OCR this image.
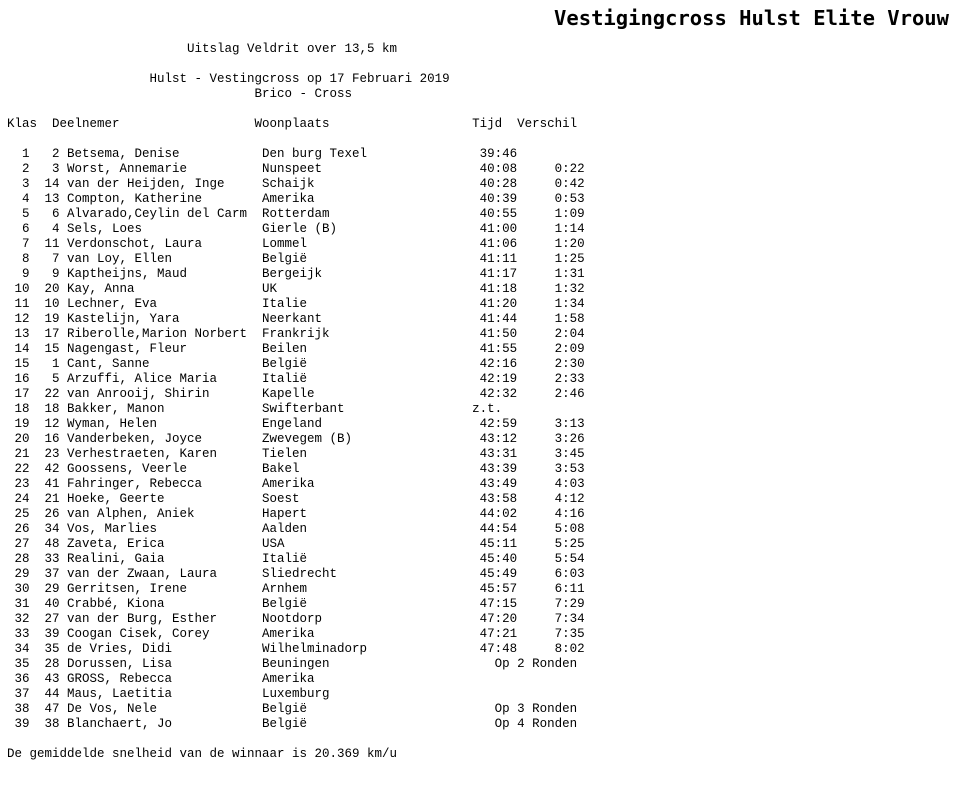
Vestigingcross Hulst Elite Vrouw
Uitslag Veldrit over 13,5 km

Hulst - Vestingcross op 17 Februari 2019
Brico - Cross

Klas  Deelnemer                  Woonplaats                   Tijd  Verschil

1   2 Betsema, Denise           Den burg Texel               39:46
2   3 Worst, Annemarie          Nunspeet                     40:08     0:22
3  14 van der Heijden, Inge     Schaijk                      40:28     0:42
4  13 Compton, Katherine        Amerika                      40:39     0:53
5   6 Alvarado,Ceylin del Carm  Rotterdam                    40:55     1:09
6   4 Sels, Loes                Gierle (B)                   41:00     1:14
7  11 Verdonschot, Laura        Lommel                       41:06     1:20
8   7 van Loy, Ellen            België                       41:11     1:25
9   9 Kaptheijns, Maud          Bergeijk                     41:17     1:31
10  20 Kay, Anna                 UK                           41:18     1:32
11  10 Lechner, Eva              Italie                       41:20     1:34
12  19 Kastelijn, Yara           Neerkant                     41:44     1:58
13  17 Riberolle,Marion Norbert  Frankrijk                    41:50     2:04
14  15 Nagengast, Fleur          Beilen                       41:55     2:09
15   1 Cant, Sanne               België                       42:16     2:30
16   5 Arzuffi, Alice Maria      Italië                       42:19     2:33
17  22 van Anrooij, Shirin       Kapelle                      42:32     2:46
18  18 Bakker, Manon             Swifterbant                 z.t.
19  12 Wyman, Helen              Engeland                     42:59     3:13
20  16 Vanderbeken, Joyce        Zwevegem (B)                 43:12     3:26
21  23 Verhestraeten, Karen      Tielen                       43:31     3:45
22  42 Goossens, Veerle          Bakel                        43:39     3:53
23  41 Fahringer, Rebecca        Amerika                      43:49     4:03
24  21 Hoeke, Geerte             Soest                        43:58     4:12
25  26 van Alphen, Aniek         Hapert                       44:02     4:16
26  34 Vos, Marlies              Aalden                       44:54     5:08
27  48 Zaveta, Erica             USA                          45:11     5:25
28  33 Realini, Gaia             Italië                       45:40     5:54
29  37 van der Zwaan, Laura      Sliedrecht                   45:49     6:03
30  29 Gerritsen, Irene          Arnhem                       45:57     6:11
31  40 Crabbé, Kiona             België                       47:15     7:29
32  27 van der Burg, Esther      Nootdorp                     47:20     7:34
33  39 Coogan Cisek, Corey       Amerika                      47:21     7:35
34  35 de Vries, Didi            Wilhelminadorp               47:48     8:02
35  28 Dorussen, Lisa            Beuningen                      Op 2 Ronden
36  43 GROSS, Rebecca            Amerika
37  44 Maus, Laetitia            Luxemburg
38  47 De Vos, Nele              België                         Op 3 Ronden
39  38 Blanchaert, Jo            België                         Op 4 Ronden

De gemiddelde snelheid van de winnaar is 20.369 km/u
